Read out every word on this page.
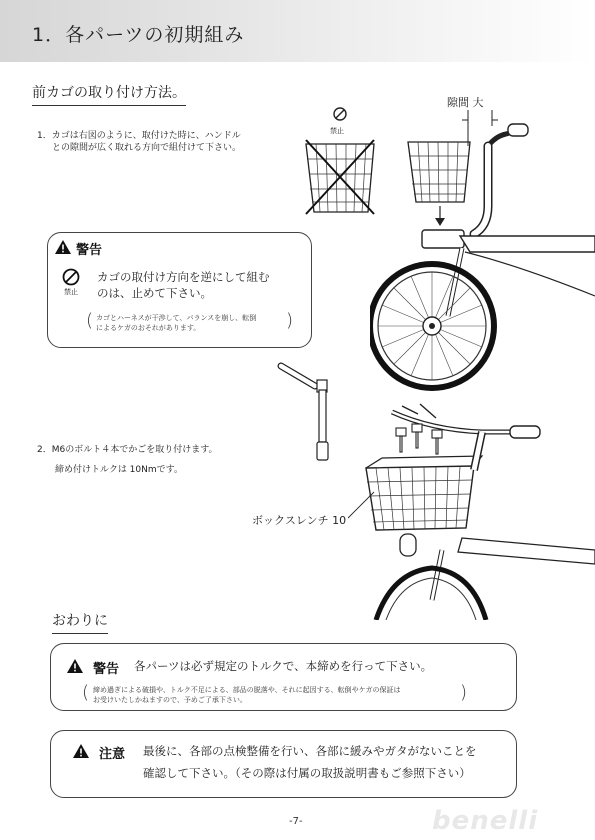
1．各パーツの初期組み
前カゴの取り付け方法。
1．カゴは右図のように、取付けた時に、ハンドル
との隙間が広く取れる方向で組付けて下さい。
禁止
隙間 大
警告
禁止
カゴの取付け方向を逆にして組む
のは、止めて下さい。
( カゴとハーネスが干渉して、バランスを崩し、転倒
によるケガのおそれがあります。	)
2．M6のボルト４本でかごを取り付けます。
締め付けトルクは 10Nmです。
ボックスレンチ 10
おわりに
警告 各パーツは必ず規定のトルクで、本締めを行って下さい。
( 締め過ぎによる破損や、トルク不足による、部品の脱落や、それに起因する、転倒やケガの保証は
お受けいたしかねますので、予めご了承下さい。	)
注意 最後に、各部の点検整備を行い、各部に緩みやガタがないことを
確認して下さい。（その際は付属の取扱説明書もご参照下さい）
-7-	benelli
